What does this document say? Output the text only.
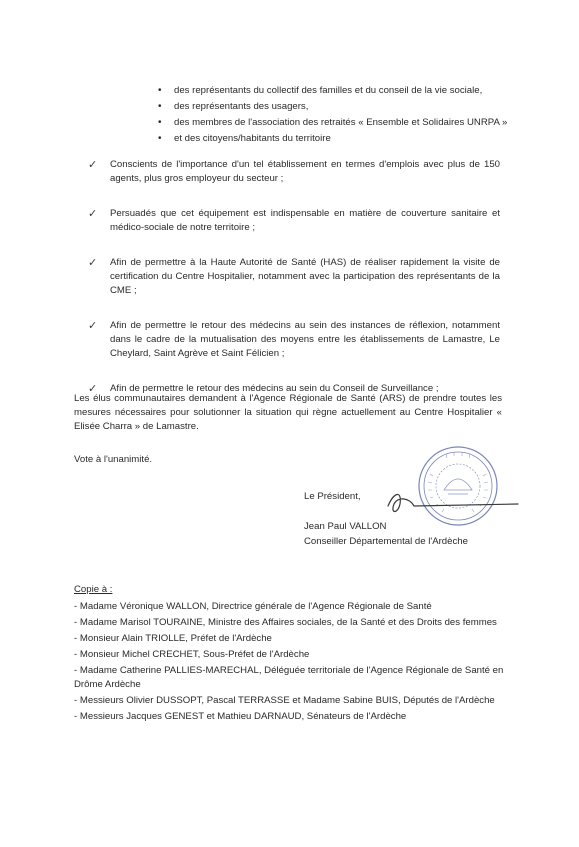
• des représentants du collectif des familles et du conseil de la vie sociale,
• des représentants des usagers,
• des membres de l'association des retraités « Ensemble et Solidaires UNRPA »
• et des citoyens/habitants du territoire
✓ Conscients de l'importance d'un tel établissement en termes d'emplois avec plus de 150 agents, plus gros employeur du secteur ;
✓ Persuadés que cet équipement est indispensable en matière de couverture sanitaire et médico-sociale de notre territoire ;
✓ Afin de permettre à la Haute Autorité de Santé (HAS) de réaliser rapidement la visite de certification du Centre Hospitalier, notamment avec la participation des représentants de la CME ;
✓ Afin de permettre le retour des médecins au sein des instances de réflexion, notamment dans le cadre de la mutualisation des moyens entre les établissements de Lamastre, Le Cheylard, Saint Agrève et Saint Félicien ;
✓ Afin de permettre le retour des médecins au sein du Conseil de Surveillance ;
Les élus communautaires demandent à l'Agence Régionale de Santé (ARS) de prendre toutes les mesures nécessaires pour solutionner la situation qui règne actuellement au Centre Hospitalier « Elisée Charra » de Lamastre.
Vote à l'unanimité.
Le Président,
Jean Paul VALLON
Conseiller Départemental de l'Ardèche
Copie à :
- Madame Véronique WALLON, Directrice générale de l'Agence Régionale de Santé
- Madame Marisol TOURAINE, Ministre des Affaires sociales, de la Santé et des Droits des femmes
- Monsieur Alain TRIOLLE, Préfet de l'Ardèche
- Monsieur Michel CRECHET, Sous-Préfet de l'Ardèche
- Madame Catherine PALLIES-MARECHAL, Déléguée territoriale de l'Agence Régionale de Santé en Drôme Ardèche
- Messieurs Olivier DUSSOPT, Pascal TERRASSE et Madame Sabine BUIS, Députés de l'Ardèche
- Messieurs Jacques GENEST et Mathieu DARNAUD, Sénateurs de l'Ardèche
